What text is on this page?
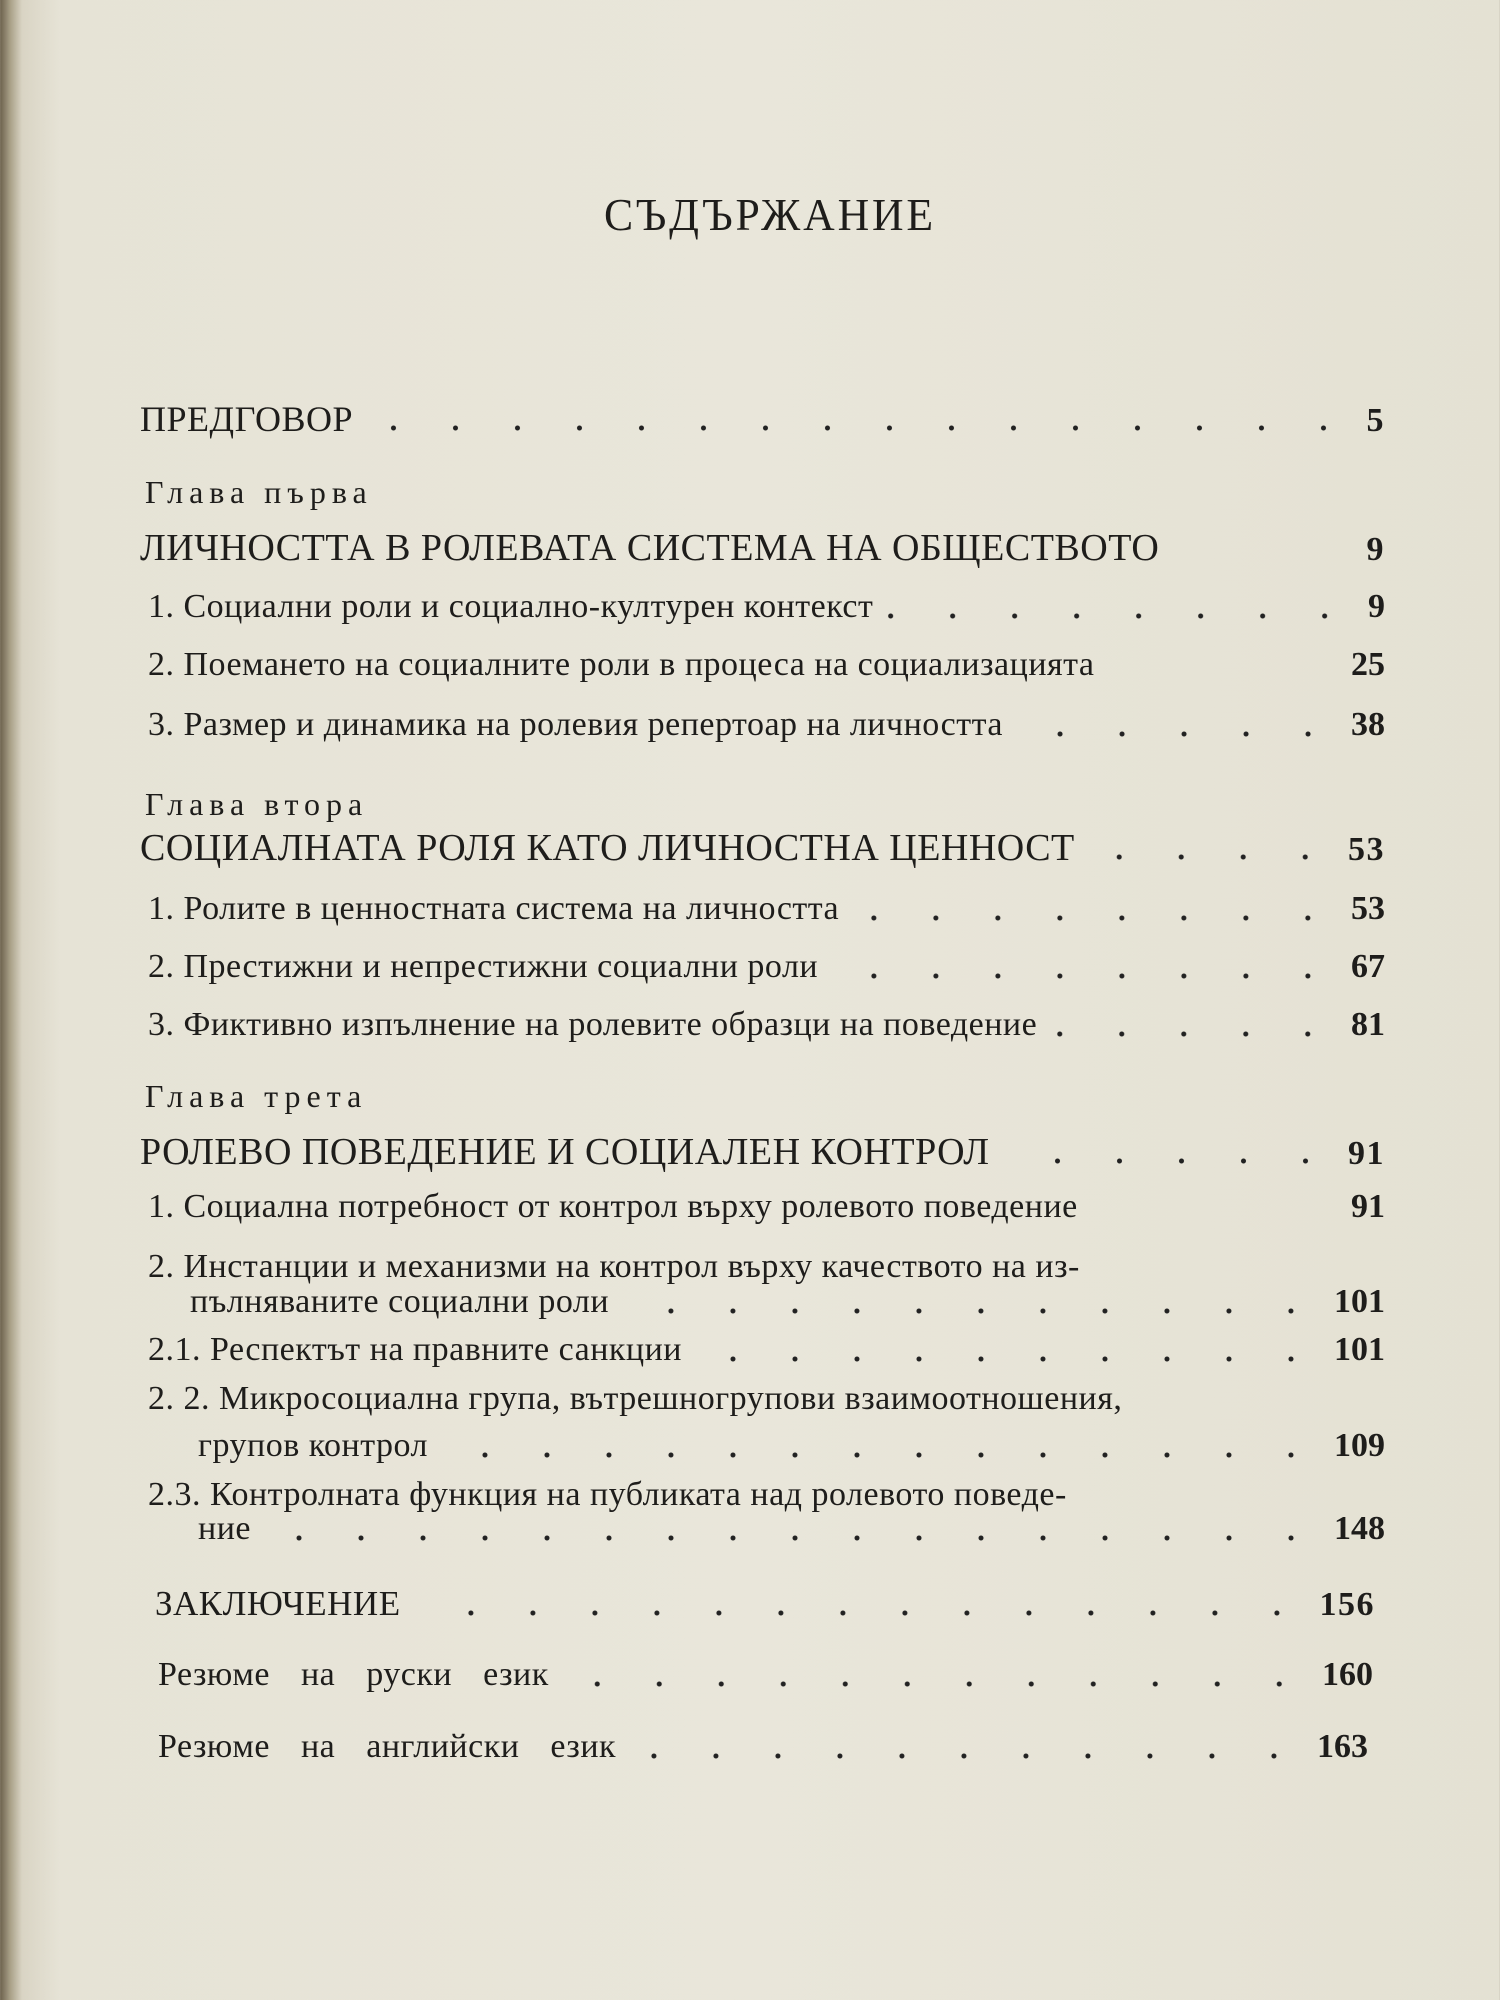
СЪДЪРЖАНИЕ
ПРЕДГОВОР	5
Глава първа
ЛИЧНОСТТА В РОЛЕВАТА СИСТЕМА НА ОБЩЕСТВОТО	9
1. Социални роли и социално-културен контекст	9
2. Поемането на социалните роли в процеса на социализацията	25
3. Размер и динамика на ролевия репертоар на личността	38
Глава втора
СОЦИАЛНАТА РОЛЯ КАТО ЛИЧНОСТНА ЦЕННОСТ	53
1. Ролите в ценностната система на личността	53
2. Престижни и непрестижни социални роли	67
3. Фиктивно изпълнение на ролевите образци на поведение	81
Глава трета
РОЛЕВО ПОВЕДЕНИЕ И СОЦИАЛЕН КОНТРОЛ	91
1. Социална потребност от контрол върху ролевото поведение	91
2. Инстанции и механизми на контрол върху качеството на из-
пълняваните социални роли	101
2.1. Респектът на правните санкции	101
2. 2. Микросоциална група, вътрешногрупови взаимоотношения,
групов контрол	109
2.3. Контролната функция на публиката над ролевото поведе-
ние	148
ЗАКЛЮЧЕНИЕ	156
Резюме на руски език	160
Резюме на английски език	163
